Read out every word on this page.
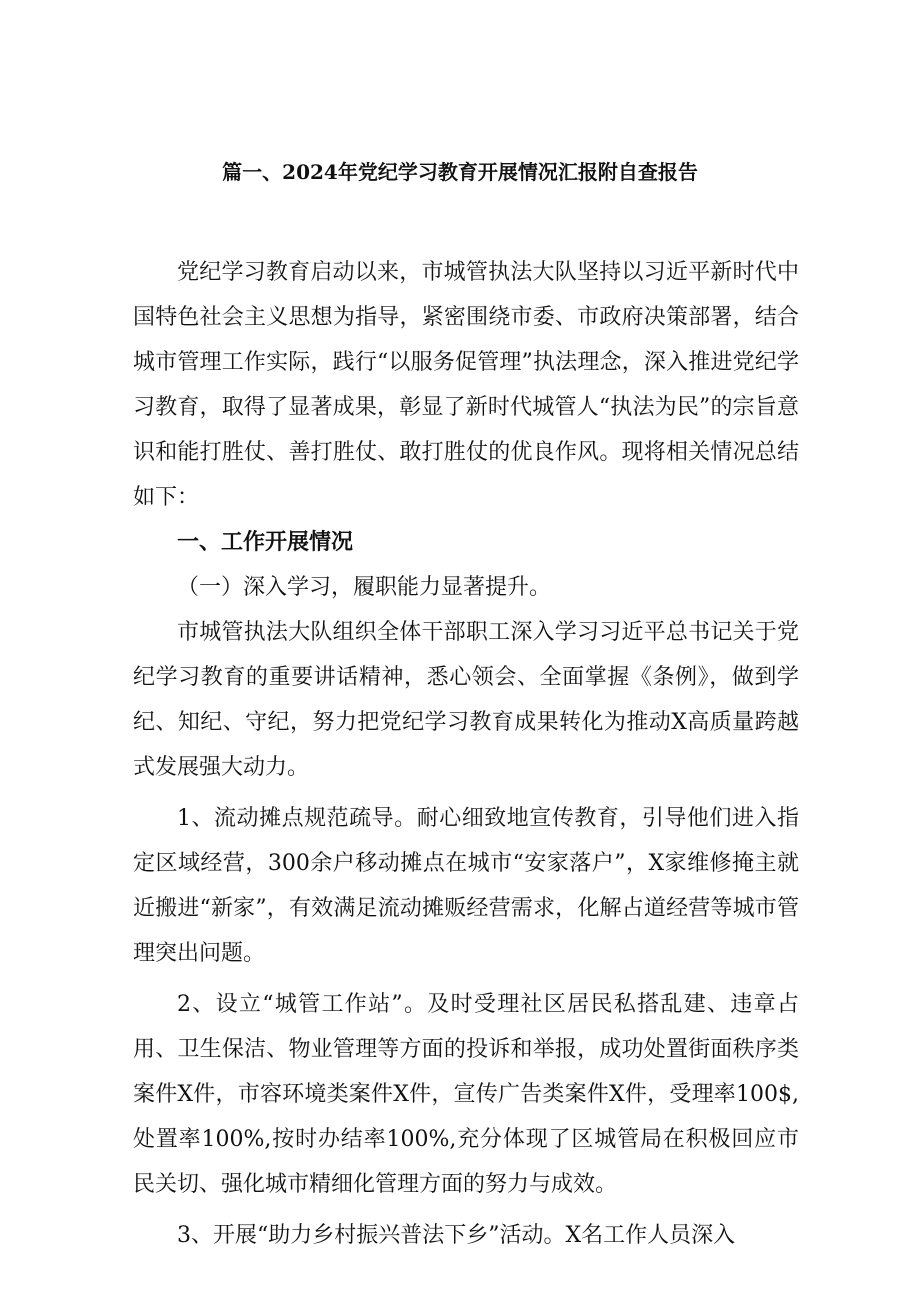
篇一、2024年党纪学习教育开展情况汇报附自查报告

党纪学习教育启动以来，市城管执法大队坚持以习近平新时代中国特色社会主义思想为指导，紧密围绕市委、市政府决策部署，结合城市管理工作实际，践行“以服务促管理”执法理念，深入推进党纪学习教育，取得了显著成果，彰显了新时代城管人“执法为民”的宗旨意识和能打胜仗、善打胜仗、敢打胜仗的优良作风。现将相关情况总结如下：

一、工作开展情况

（一）深入学习，履职能力显著提升。

市城管执法大队组织全体干部职工深入学习习近平总书记关于党纪学习教育的重要讲话精神，悉心领会、全面掌握《条例》，做到学纪、知纪、守纪，努力把党纪学习教育成果转化为推动X高质量跨越式发展强大动力。

1、流动摊点规范疏导。耐心细致地宣传教育，引导他们进入指定区域经营，300余户移动摊点在城市“安家落户”，X家维修掩主就近搬进“新家”，有效满足流动摊贩经营需求，化解占道经营等城市管理突出问题。

2、设立“城管工作站”。及时受理社区居民私搭乱建、违章占用、卫生保洁、物业管理等方面的投诉和举报，成功处置街面秩序类案件X件，市容环境类案件X件，宣传广告类案件X件，受理率100$,处置率100%,按时办结率100%,充分体现了区城管局在积极回应市民关切、强化城市精细化管理方面的努力与成效。

3、开展“助力乡村振兴普法下乡”活动。X名工作人员深入
